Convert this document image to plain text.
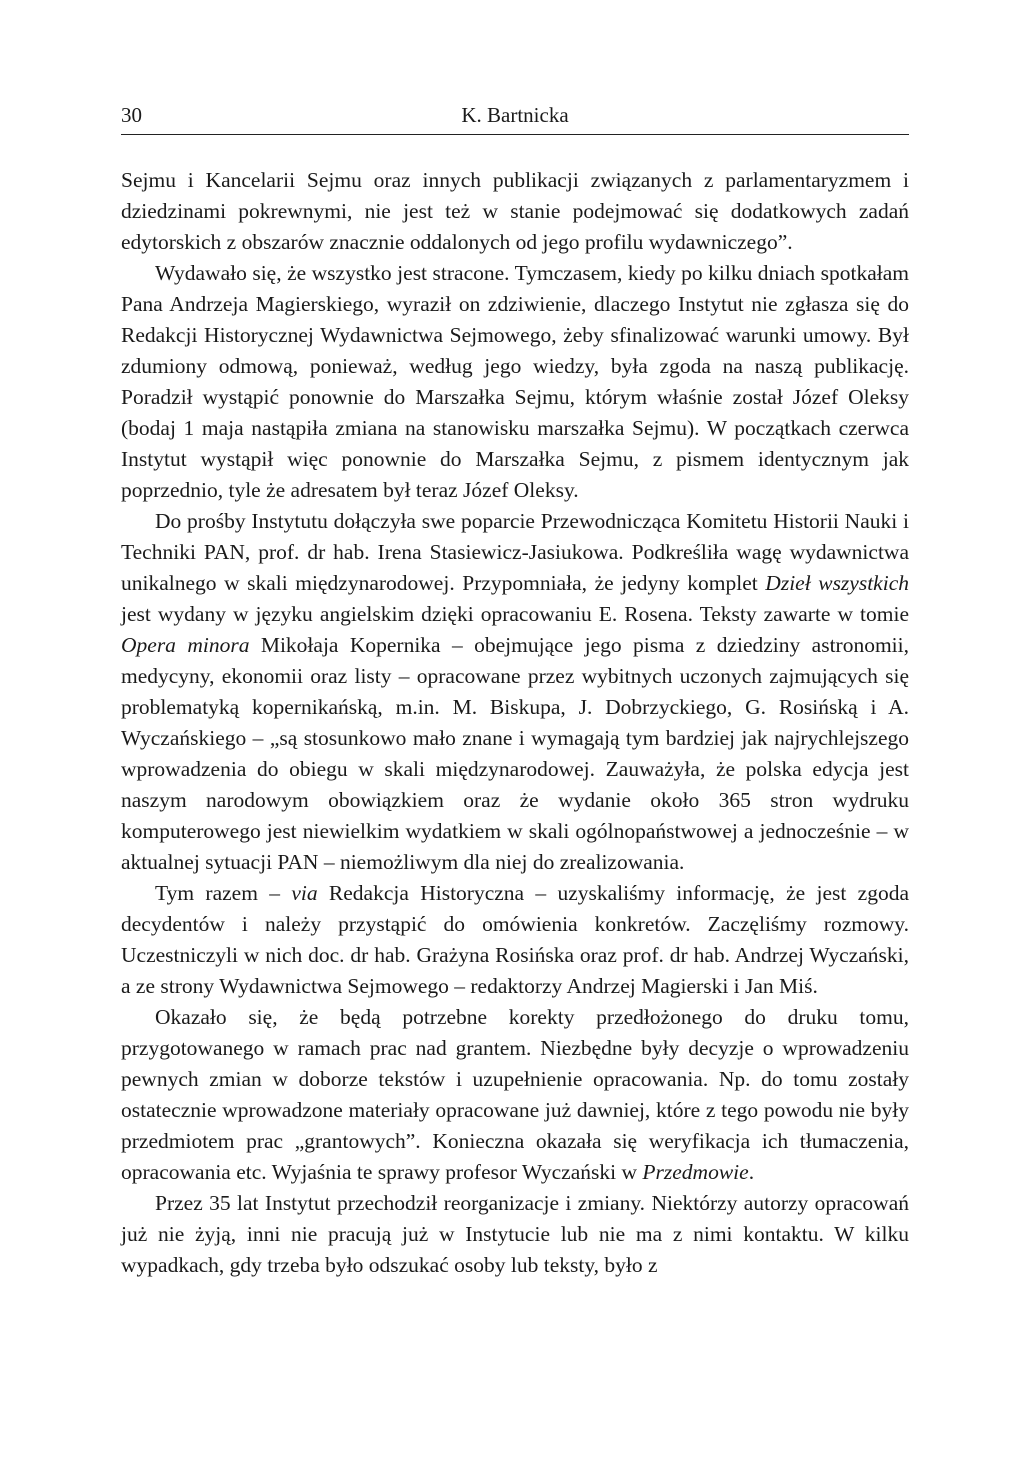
30	K. Bartnicka

Sejmu i Kancelarii Sejmu oraz innych publikacji związanych z parlamentaryzmem i dziedzinami pokrewnymi, nie jest też w stanie podejmować się dodatkowych zadań edytorskich z obszarów znacznie oddalonych od jego profilu wydawniczego”.

Wydawało się, że wszystko jest stracone. Tymczasem, kiedy po kilku dniach spotkałam Pana Andrzeja Magierskiego, wyraził on zdziwienie, dlaczego Instytut nie zgłasza się do Redakcji Historycznej Wydawnictwa Sejmowego, żeby sfinalizować warunki umowy. Był zdumiony odmową, ponieważ, według jego wiedzy, była zgoda na naszą publikację. Poradził wystąpić ponownie do Marszałka Sejmu, którym właśnie został Józef Oleksy (bodaj 1 maja nastąpiła zmiana na stanowisku marszałka Sejmu). W początkach czerwca Instytut wystąpił więc ponownie do Marszałka Sejmu, z pismem identycznym jak poprzednio, tyle że adresatem był teraz Józef Oleksy.

Do prośby Instytutu dołączyła swe poparcie Przewodnicząca Komitetu Historii Nauki i Techniki PAN, prof. dr hab. Irena Stasiewicz-Jasiukowa. Podkreśliła wagę wydawnictwa unikalnego w skali międzynarodowej. Przypomniała, że jedyny komplet Dzieł wszystkich jest wydany w języku angielskim dzięki opracowaniu E. Rosena. Teksty zawarte w tomie Opera minora Mikołaja Kopernika – obejmujące jego pisma z dziedziny astronomii, medycyny, ekonomii oraz listy – opracowane przez wybitnych uczonych zajmujących się problematyką kopernikańską, m.in. M. Biskupa, J. Dobrzyckiego, G. Rosińską i A. Wyczańskiego – „są stosunkowo mało znane i wymagają tym bardziej jak najrychlejszego wprowadzenia do obiegu w skali międzynarodowej. Zauważyła, że polska edycja jest naszym narodowym obowiązkiem oraz że wydanie około 365 stron wydruku komputerowego jest niewielkim wydatkiem w skali ogólnopaństwowej a jednocześnie – w aktualnej sytuacji PAN – niemożliwym dla niej do zrealizowania.

Tym razem – via Redakcja Historyczna – uzyskaliśmy informację, że jest zgoda decydentów i należy przystąpić do omówienia konkretów. Zaczęliśmy rozmowy. Uczestniczyli w nich doc. dr hab. Grażyna Rosińska oraz prof. dr hab. Andrzej Wyczański, a ze strony Wydawnictwa Sejmowego – redaktorzy Andrzej Magierski i Jan Miś.

Okazało się, że będą potrzebne korekty przedłożonego do druku tomu, przygotowanego w ramach prac nad grantem. Niezbędne były decyzje o wprowadzeniu pewnych zmian w doborze tekstów i uzupełnienie opracowania. Np. do tomu zostały ostatecznie wprowadzone materiały opracowane już dawniej, które z tego powodu nie były przedmiotem prac „grantowych”. Konieczna okazała się weryfikacja ich tłumaczenia, opracowania etc. Wyjaśnia te sprawy profesor Wyczański w Przedmowie.

Przez 35 lat Instytut przechodził reorganizacje i zmiany. Niektórzy autorzy opracowań już nie żyją, inni nie pracują już w Instytucie lub nie ma z nimi kontaktu. W kilku wypadkach, gdy trzeba było odszukać osoby lub teksty, było z
